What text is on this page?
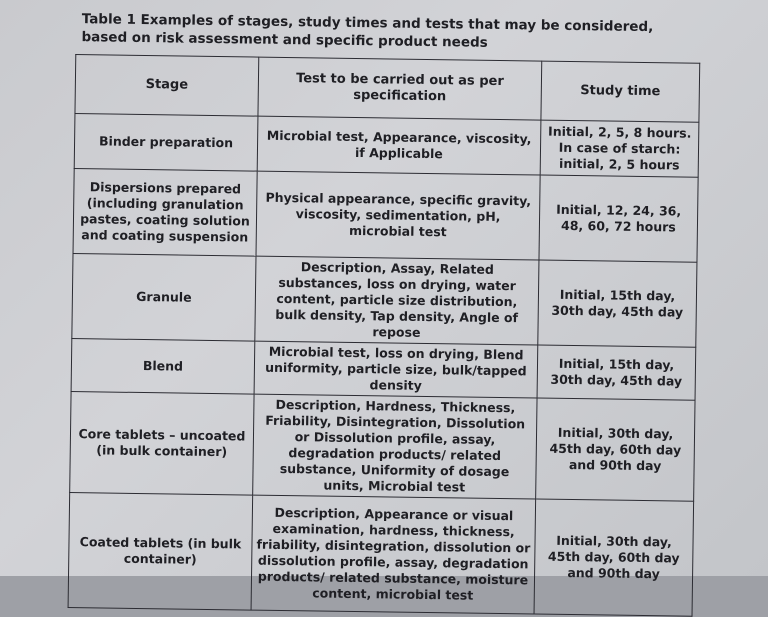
Table 1 Examples of stages, study times and tests that may be considered, based on risk assessment and specific product needs
Stage	Test to be carried out as per specification	Study time
Binder preparation	Microbial test, Appearance, viscosity, if Applicable	Initial, 2, 5, 8 hours. In case of starch: initial, 2, 5 hours
Dispersions prepared (including granulation pastes, coating solution and coating suspension	Physical appearance, specific gravity, viscosity, sedimentation, pH, microbial test	Initial, 12, 24, 36, 48, 60, 72 hours
Granule	Description, Assay, Related substances, loss on drying, water content, particle size distribution, bulk density, Tap density, Angle of repose	Initial, 15th day, 30th day, 45th day
Blend	Microbial test, loss on drying, Blend uniformity, particle size, bulk/tapped density	Initial, 15th day, 30th day, 45th day
Core tablets – uncoated (in bulk container)	Description, Hardness, Thickness, Friability, Disintegration, Dissolution or Dissolution profile, assay, degradation products/ related substance, Uniformity of dosage units, Microbial test	Initial, 30th day, 45th day, 60th day and 90th day
Coated tablets (in bulk container)	Description, Appearance or visual examination, hardness, thickness, friability, disintegration, dissolution or dissolution profile, assay, degradation products/ related substance, moisture content, microbial test	Initial, 30th day, 45th day, 60th day and 90th day
